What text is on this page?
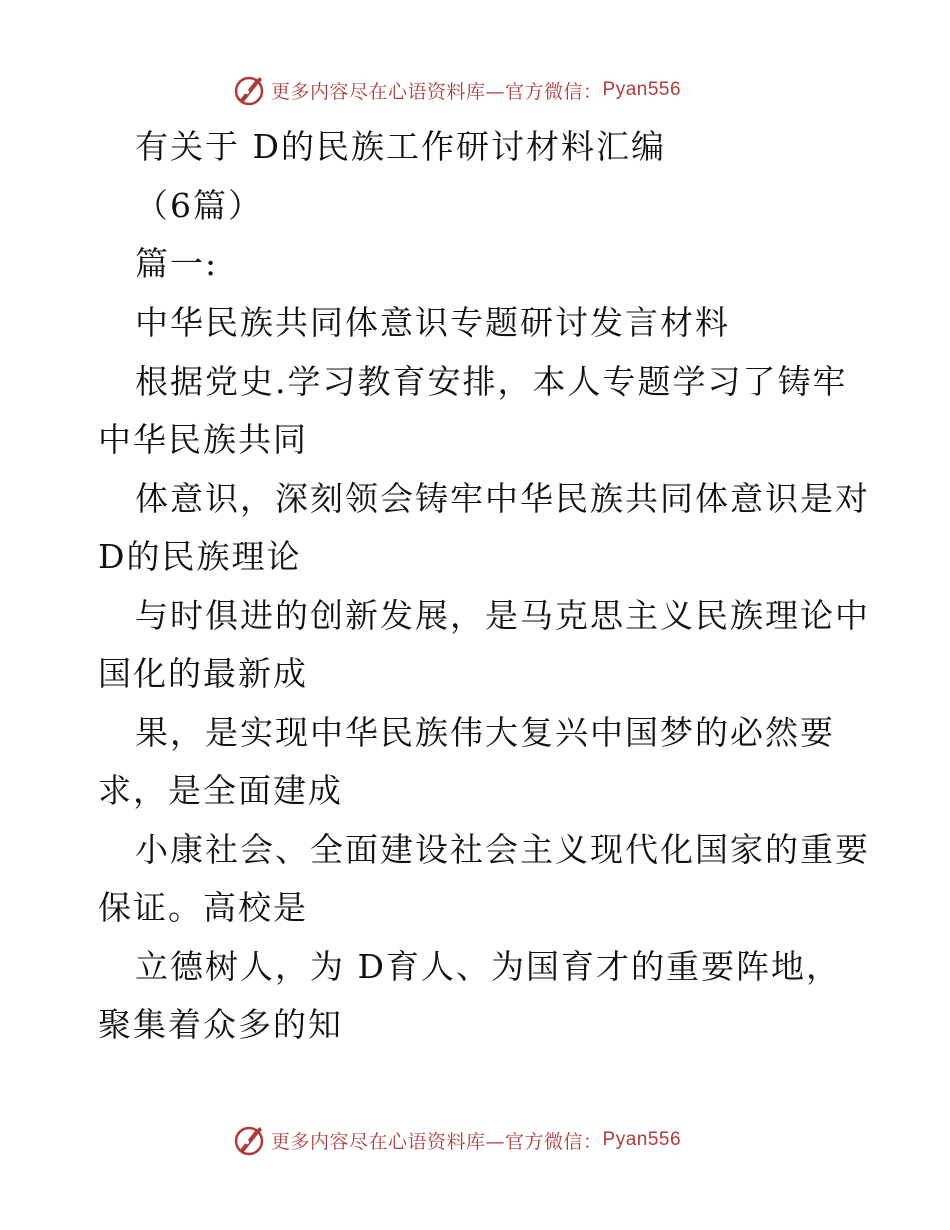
更多内容尽在心语资料库—官方微信： Pyan556
有关于 D的民族工作研讨材料汇编
（6篇）
篇一:
中华民族共同体意识专题研讨发言材料
根据党史.学习教育安排，本人专题学习了铸牢
中华民族共同
体意识，深刻领会铸牢中华民族共同体意识是对
D的民族理论
与时俱进的创新发展，是马克思主义民族理论中
国化的最新成
果，是实现中华民族伟大复兴中国梦的必然要
求，是全面建成
小康社会、全面建设社会主义现代化国家的重要
保证。高校是
立德树人，为 D育人、为国育才的重要阵地，
聚集着众多的知
更多内容尽在心语资料库—官方微信： Pyan556
